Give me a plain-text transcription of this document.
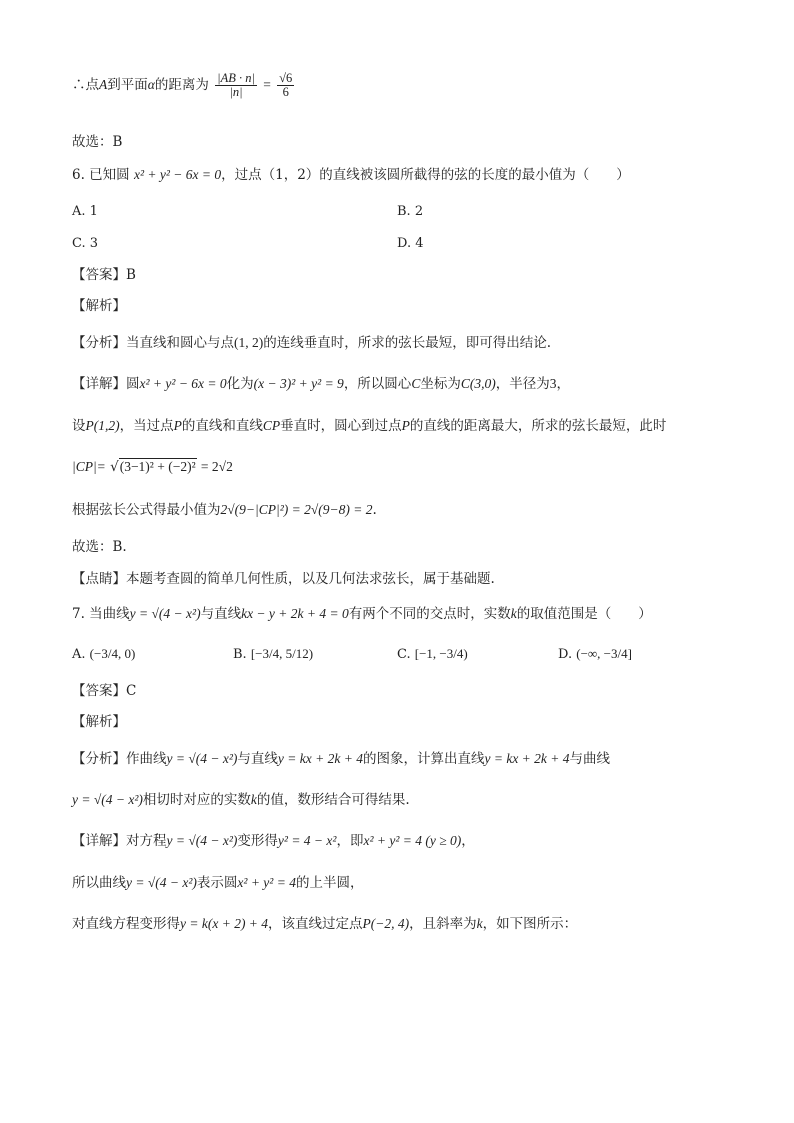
∴点A到平面α的距离为 $\frac{|AB \cdot n|}{|n|} = \frac{√6}{6}$
故选：B
6. 已知圆 x² + y² − 6x = 0，过点（1，2）的直线被该圆所截得的弦的长度的最小值为（　　）
A. 1	B. 2
C. 3	D. 4
【答案】B
【解析】
【分析】当直线和圆心与点(1, 2)的连线垂直时，所求的弦长最短，即可得出结论.
【详解】圆x² + y² − 6x = 0化为(x − 3)² + y² = 9，所以圆心C坐标为C(3,0)，半径为3，
设P(1,2)，当过点P的直线和直线CP垂直时，圆心到过点P的直线的距离最大，所求的弦长最短，此时
|CP|= √(3−1)² + (−2)² = 2√2
根据弦长公式得最小值为2√(9−|CP|²) = 2√(9−8) = 2.
故选：B.
【点睛】本题考查圆的简单几何性质，以及几何法求弦长，属于基础题.
7. 当曲线y = √(4 − x²)与直线kx − y + 2k + 4 = 0有两个不同的交点时，实数k的取值范围是（　　）
A. (−3/4, 0)	B. [−3/4, 5/12)	C. [−1, −3/4)	D. (−∞, −3/4]
【答案】C
【解析】
【分析】作曲线y = √(4 − x²)与直线y = kx + 2k + 4的图象，计算出直线y = kx + 2k + 4与曲线
y = √(4 − x²)相切时对应的实数k的值，数形结合可得结果.
【详解】对方程y = √(4 − x²)变形得y² = 4 − x²，即x² + y² = 4 (y ≥ 0)，
所以曲线y = √(4 − x²)表示圆x² + y² = 4的上半圆，
对直线方程变形得y = k(x + 2) + 4，该直线过定点P(−2, 4)，且斜率为k，如下图所示：
